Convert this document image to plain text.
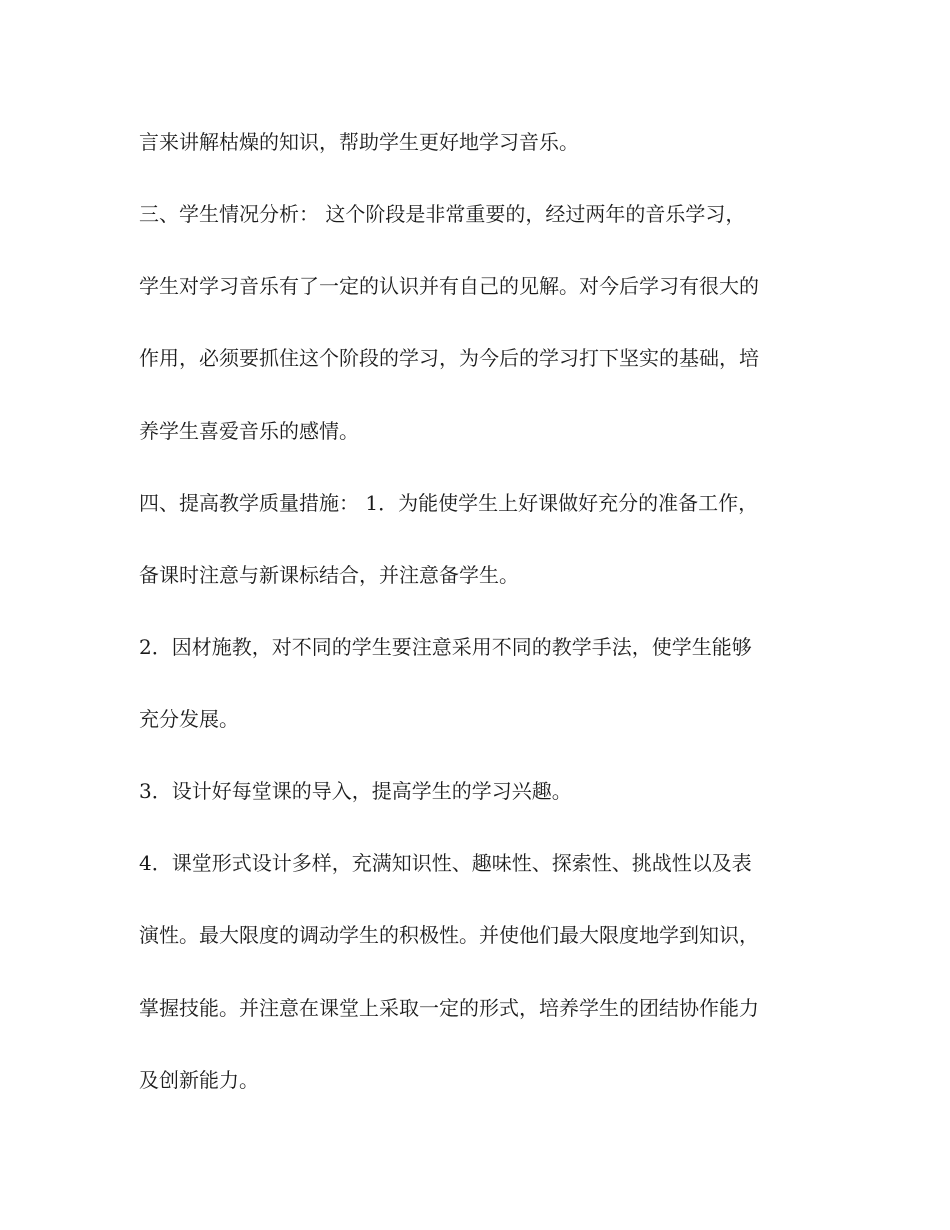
言来讲解枯燥的知识，帮助学生更好地学习音乐。

三、学生情况分析： 这个阶段是非常重要的，经过两年的音乐学习，

学生对学习音乐有了一定的认识并有自己的见解。对今后学习有很大的

作用，必须要抓住这个阶段的学习，为今后的学习打下坚实的基础，培

养学生喜爱音乐的感情。

四、提高教学质量措施： 1．为能使学生上好课做好充分的准备工作，

备课时注意与新课标结合，并注意备学生。

2．因材施教，对不同的学生要注意采用不同的教学手法，使学生能够

充分发展。

3．设计好每堂课的导入，提高学生的学习兴趣。

4．课堂形式设计多样，充满知识性、趣味性、探索性、挑战性以及表

演性。最大限度的调动学生的积极性。并使他们最大限度地学到知识，

掌握技能。并注意在课堂上采取一定的形式，培养学生的团结协作能力

及创新能力。
